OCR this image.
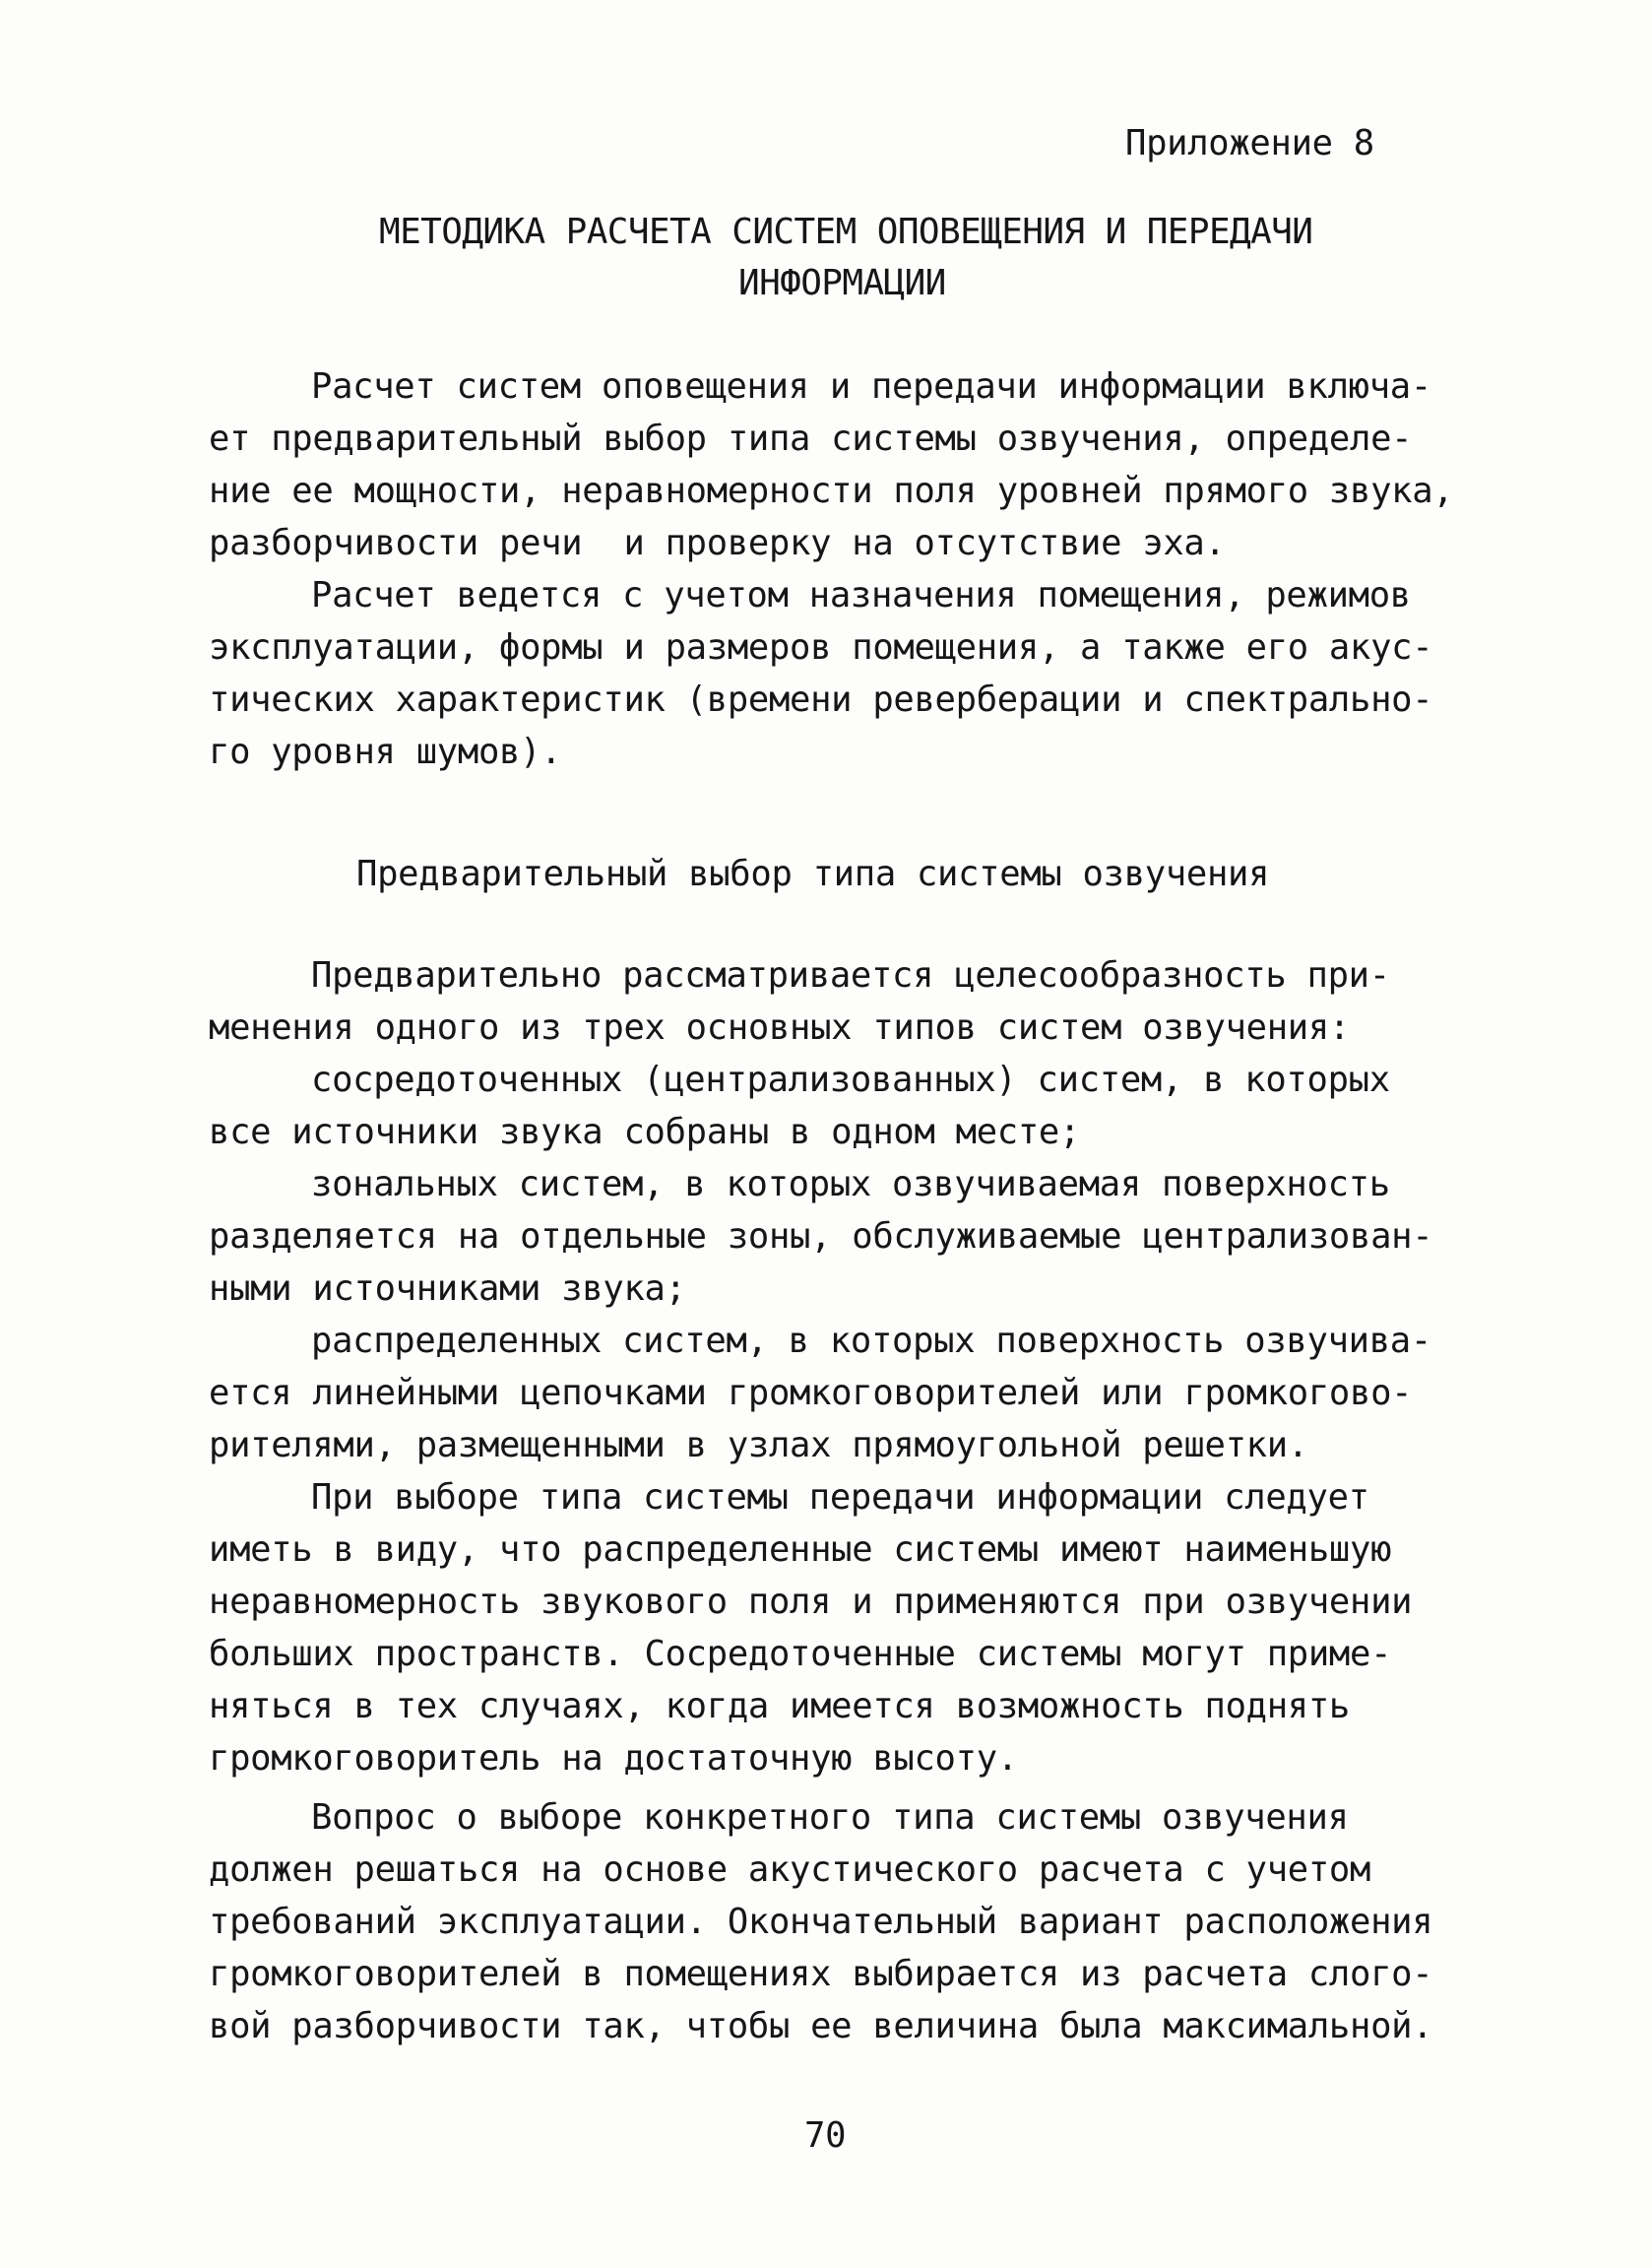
Приложение 8
МЕТОДИКА РАСЧЕТА СИСТЕМ ОПОВЕЩЕНИЯ И ПЕРЕДАЧИ
ИНФОРМАЦИИ
Расчет систем оповещения и передачи информации включа-
ет предварительный выбор типа системы озвучения, определе-
ние ее мощности, неравномерности поля уровней прямого звука,
разборчивости речи  и проверку на отсутствие эха.
Расчет ведется с учетом назначения помещения, режимов
эксплуатации, формы и размеров помещения, а также его акус-
тических характеристик (времени реверберации и спектрально-
го уровня шумов).
Предварительный выбор типа системы озвучения
Предварительно рассматривается целесообразность при-
менения одного из трех основных типов систем озвучения:
сосредоточенных (централизованных) систем, в которых
все источники звука собраны в одном месте;
зональных систем, в которых озвучиваемая поверхность
разделяется на отдельные зоны, обслуживаемые централизован-
ными источниками звука;
распределенных систем, в которых поверхность озвучива-
ется линейными цепочками громкоговорителей или громкогово-
рителями, размещенными в узлах прямоугольной решетки.
При выборе типа системы передачи информации следует
иметь в виду, что распределенные системы имеют наименьшую
неравномерность звукового поля и применяются при озвучении
больших пространств. Сосредоточенные системы могут приме-
няться в тех случаях, когда имеется возможность поднять
громкоговоритель на достаточную высоту.
Вопрос о выборе конкретного типа системы озвучения
должен решаться на основе акустического расчета с учетом
требований эксплуатации. Окончательный вариант расположения
громкоговорителей в помещениях выбирается из расчета слого-
вой разборчивости так, чтобы ее величина была максимальной.
70
